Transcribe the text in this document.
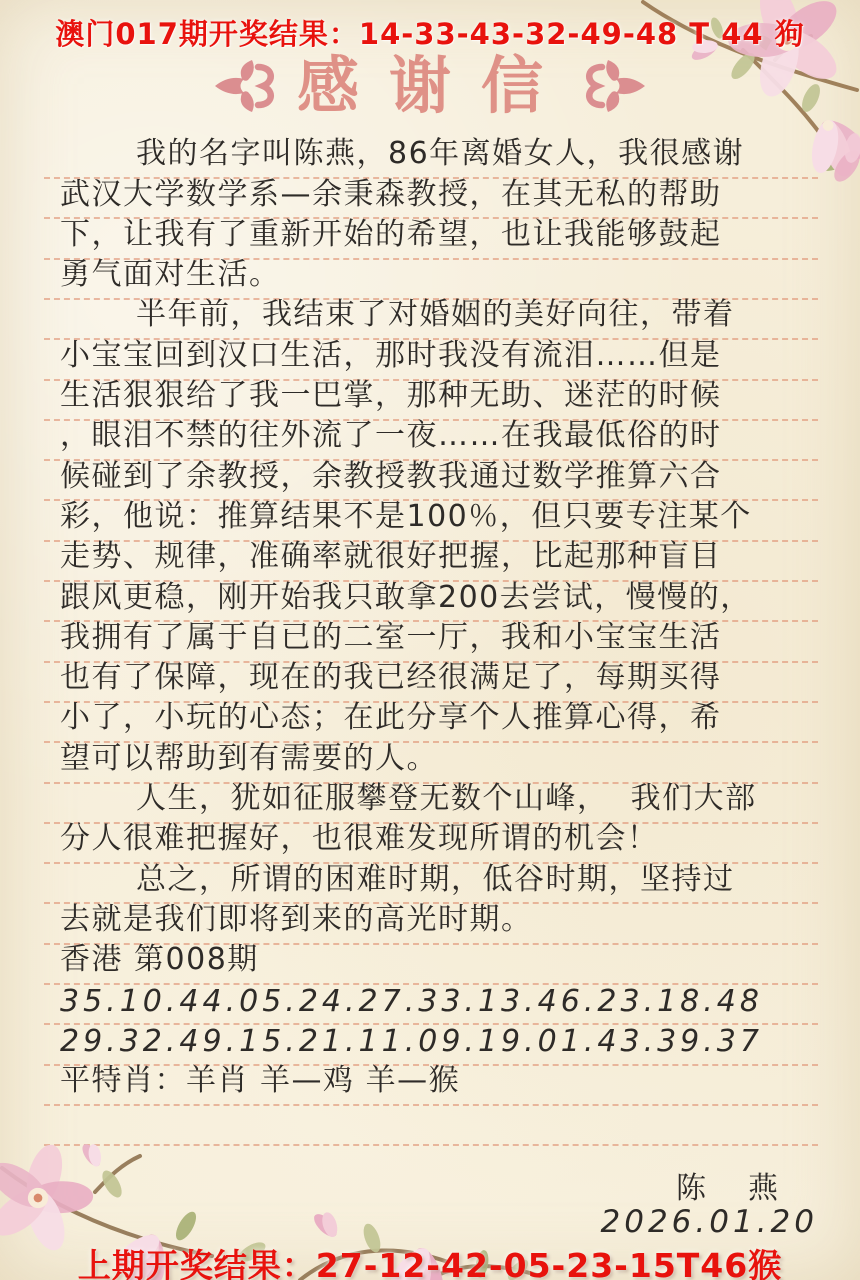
澳门017期开奖结果：14-33-43-32-49-48 T 44 狗
感谢信
我的名字叫陈燕，86年离婚女人，我很感谢
武汉大学数学系—余秉森教授，在其无私的帮助
下，让我有了重新开始的希望，也让我能够鼓起
勇气面对生活。
半年前，我结束了对婚姻的美好向往，带着
小宝宝回到汉口生活，那时我没有流泪……但是
生活狠狠给了我一巴掌，那种无助、迷茫的时候
，眼泪不禁的往外流了一夜……在我最低俗的时
候碰到了余教授，余教授教我通过数学推算六合
彩，他说：推算结果不是100％，但只要专注某个
走势、规律，准确率就很好把握，比起那种盲目
跟风更稳，刚开始我只敢拿200去尝试，慢慢的，
我拥有了属于自已的二室一厅，我和小宝宝生活
也有了保障，现在的我已经很满足了，每期买得
小了，小玩的心态；在此分享个人推算心得，希
望可以帮助到有需要的人。
人生，犹如征服攀登无数个山峰，  我们大部
分人很难把握好，也很难发现所谓的机会！
总之，所谓的困难时期，低谷时期，坚持过
去就是我们即将到来的高光时期。
香港 第008期
35.10.44.05.24.27.33.13.46.23.18.48
29.32.49.15.21.11.09.19.01.43.39.37
平特肖：羊肖 羊—鸡 羊—猴
陈　燕
2026.01.20
上期开奖结果：27-12-42-05-23-15T46猴
